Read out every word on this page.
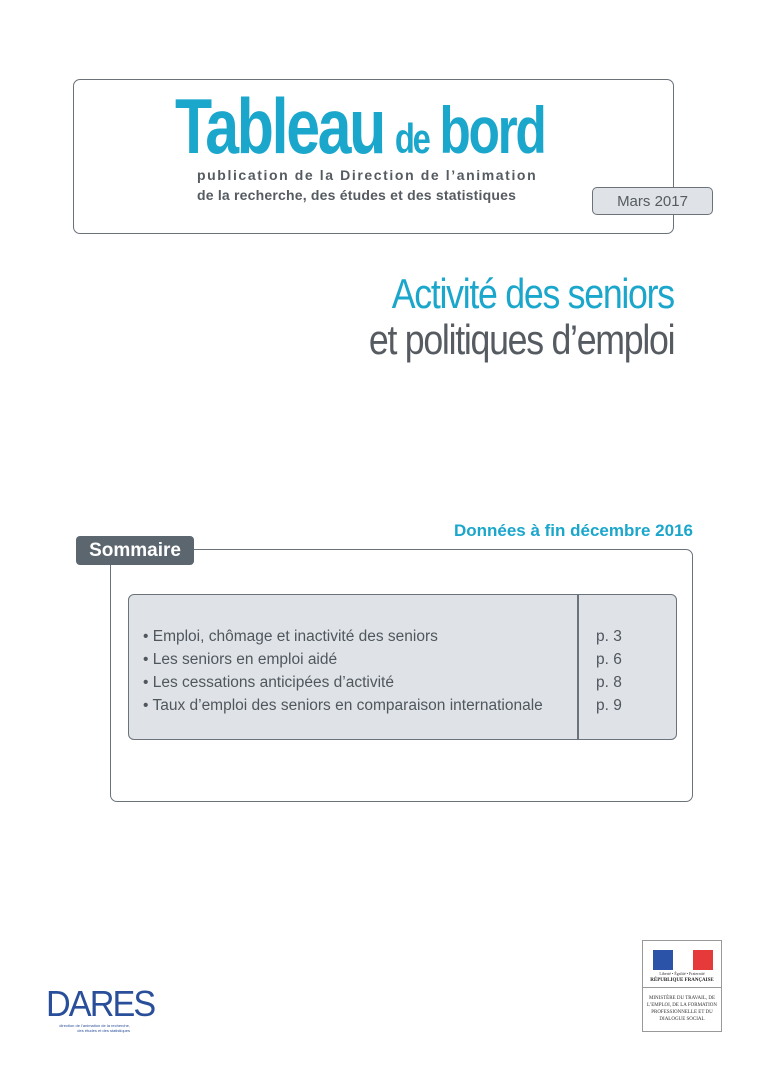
Tableau de bord
publication de la Direction de l’animation
de la recherche, des études et des statistiques	Mars 2017
Activité des seniors
et politiques d’emploi
Données à fin décembre 2016
Sommaire
• Emploi, chômage et inactivité des seniors
• Les seniors en emploi aidé
• Les cessations anticipées d’activité
• Taux d’emploi des seniors en comparaison internationale
p. 3
p. 6
p. 8
p. 9
DARES
direction de l’animation de la recherche,
des études et des statistiques
Liberté • Égalité • Fraternité
RÉPUBLIQUE FRANÇAISE
MINISTÈRE DU TRAVAIL, DE L’EMPLOI, DE LA FORMATION PROFESSIONNELLE ET DU DIALOGUE SOCIAL
